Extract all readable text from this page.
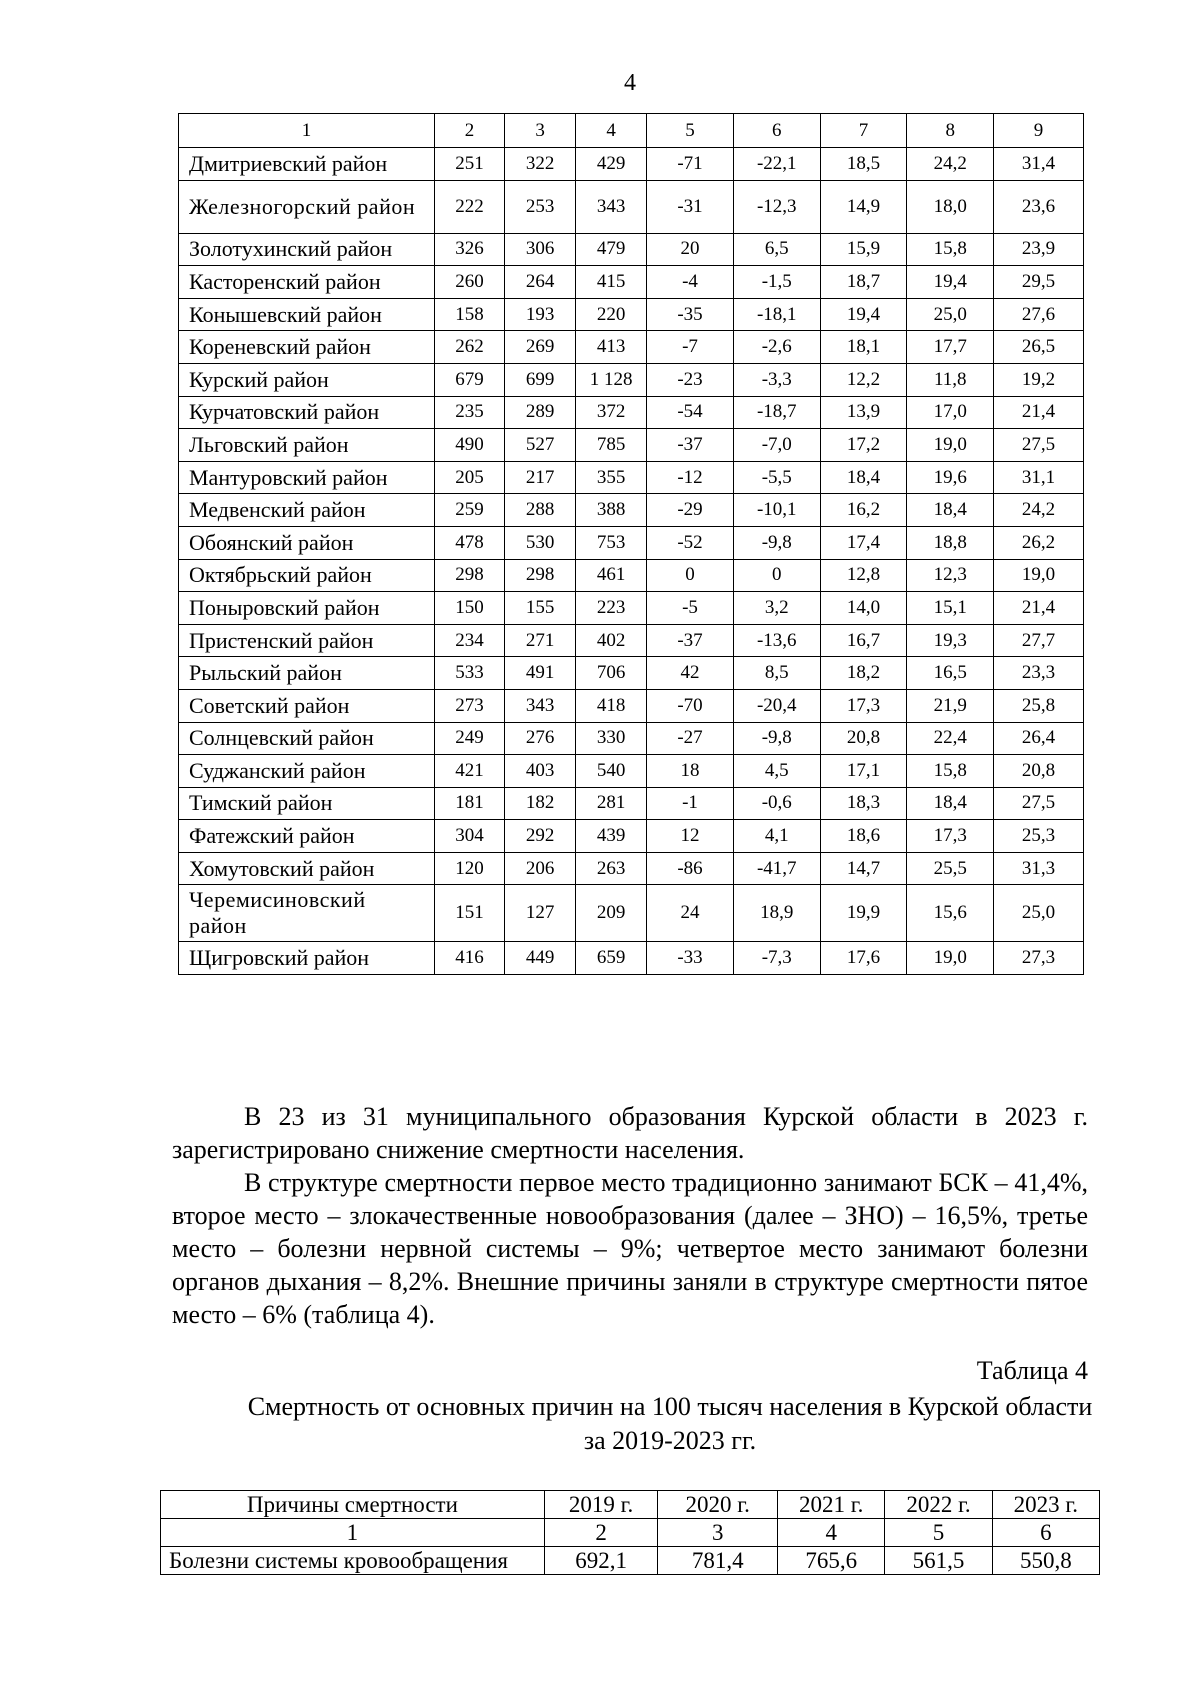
4
1	2	3	4	5	6	7	8	9
Дмитриевский район	251	322	429	-71	-22,1	18,5	24,2	31,4
Железногорский район	222	253	343	-31	-12,3	14,9	18,0	23,6
Золотухинский район	326	306	479	20	6,5	15,9	15,8	23,9
Касторенский район	260	264	415	-4	-1,5	18,7	19,4	29,5
Конышевский район	158	193	220	-35	-18,1	19,4	25,0	27,6
Кореневский район	262	269	413	-7	-2,6	18,1	17,7	26,5
Курский район	679	699	1 128	-23	-3,3	12,2	11,8	19,2
Курчатовский район	235	289	372	-54	-18,7	13,9	17,0	21,4
Льговский район	490	527	785	-37	-7,0	17,2	19,0	27,5
Мантуровский район	205	217	355	-12	-5,5	18,4	19,6	31,1
Медвенский район	259	288	388	-29	-10,1	16,2	18,4	24,2
Обоянский район	478	530	753	-52	-9,8	17,4	18,8	26,2
Октябрьский район	298	298	461	0	0	12,8	12,3	19,0
Поныровский район	150	155	223	-5	3,2	14,0	15,1	21,4
Пристенский район	234	271	402	-37	-13,6	16,7	19,3	27,7
Рыльский район	533	491	706	42	8,5	18,2	16,5	23,3
Советский район	273	343	418	-70	-20,4	17,3	21,9	25,8
Солнцевский район	249	276	330	-27	-9,8	20,8	22,4	26,4
Суджанский район	421	403	540	18	4,5	17,1	15,8	20,8
Тимский район	181	182	281	-1	-0,6	18,3	18,4	27,5
Фатежский район	304	292	439	12	4,1	18,6	17,3	25,3
Хомутовский район	120	206	263	-86	-41,7	14,7	25,5	31,3
Черемисиновский район	151	127	209	24	18,9	19,9	15,6	25,0
Щигровский район	416	449	659	-33	-7,3	17,6	19,0	27,3
В 23 из 31 муниципального образования Курской области в 2023 г. зарегистрировано снижение смертности населения.
В структуре смертности первое место традиционно занимают БСК – 41,4%, второе место – злокачественные новообразования (далее – ЗНО) – 16,5%, третье место – болезни нервной системы – 9%; четвертое место занимают болезни органов дыхания – 8,2%. Внешние причины заняли в структуре смертности пятое место – 6% (таблица 4).
Таблица 4
Смертность от основных причин на 100 тысяч населения в Курской области за 2019-2023 гг.
Причины смертности	2019 г.	2020 г.	2021 г.	2022 г.	2023 г.
1	2	3	4	5	6
Болезни системы кровообращения	692,1	781,4	765,6	561,5	550,8
